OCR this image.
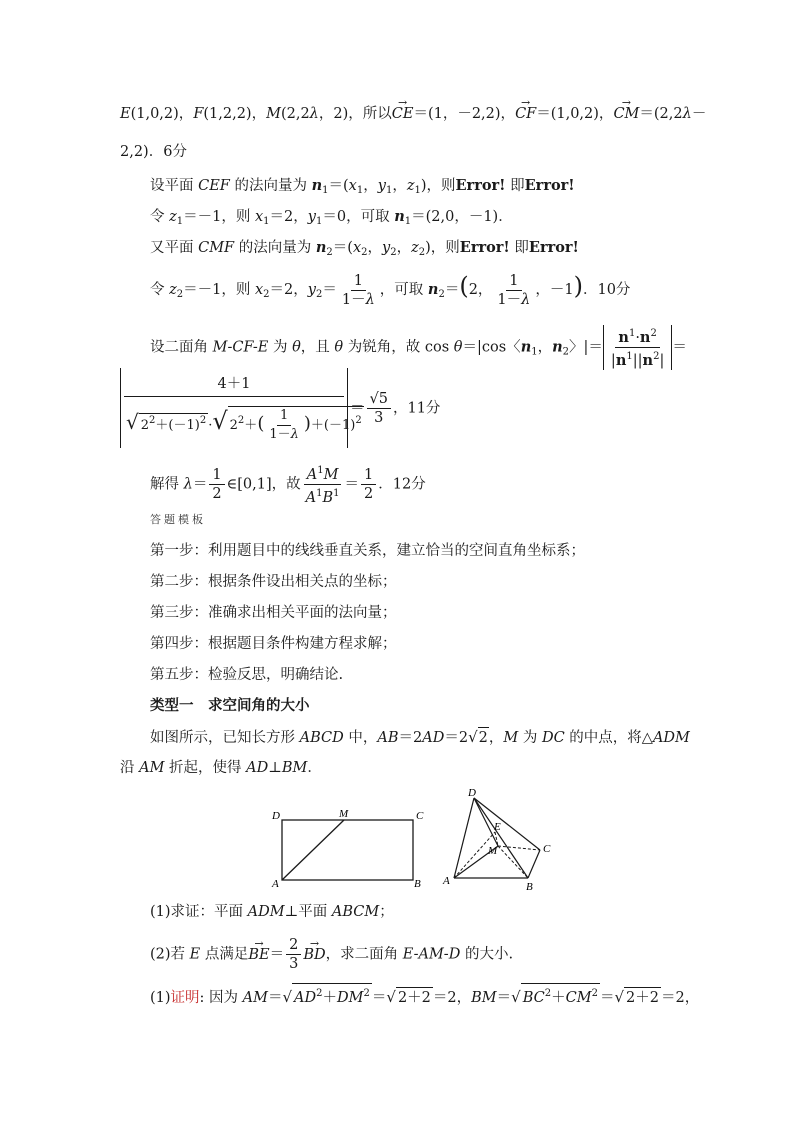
E(1,0,2)，F(1,2,2)，M(2,2λ，2)，所以→ CE＝(1，－2,2)，→ CF＝(1,0,2)，→ CM＝(2,2λ－
2,2)．6分
设平面 CEF 的法向量为 $n_1=(x_1$，$y_1$，$z_1$)，则Error! 即Error!
令 $z_1=-1$，则 $x_1=2$，$y_1=0$，可取 $n_1=(2,0$，－1)．
又平面 CMF 的法向量为 $n_2=(x_2$，$y_2$，$z_2$)，则Error! 即Error!
令 $z_2=-1$，则 $x_2=2$，$y_2= \frac{1}{1-\lambda}$ ，可取 $n_2=(2$， $\frac{1}{1-\lambda}$ ，－1)．10分
设二面角 M-CF-E 为 θ，且 θ 为锐角，故 cos θ＝|cos〈$n_1$，$n_2$〉|＝ $\frac{n^1\cdot n^2}{|n^1||n^2|}$ ＝
4＋1
√ $2^2+(-1)^2$ ·√ $2^2+( \frac{1}{1-\lambda} )+(-1)^2$
＝ $\frac{√5}{3}$ ，11分
解得 $\lambda= \frac{1}{2}$ ∈[0,1]，故 $\frac{A^1M}{A^1B^1} = \frac{1}{2}$ ．12分
答题模板
第一步：利用题目中的线线垂直关系，建立恰当的空间直角坐标系；
第二步：根据条件设出相关点的坐标；
第三步：准确求出相关平面的法向量；
第四步：根据题目条件构建方程求解；
第五步：检验反思，明确结论.
类型一　求空间角的大小
如图所示，已知长方形 ABCD 中，AB＝2AD＝2√2，M 为 DC 的中点，将△ADM
沿 AM 折起，使得 AD⊥BM．
D	M	C
A	B
D
E
M	C
A	B
(1)求证：平面 ADM⊥平面 ABCM；
(2)若 E 点满足→ $BE= \frac{2}{3}$
→ BD，求二面角 E-AM-D 的大小.
(1)证明: 因为 AM＝√ $AD^2+DM^2$ ＝√ 2＋2 ＝2，BM＝√ $BC^2+CM^2$ ＝√ 2＋2 ＝2，
